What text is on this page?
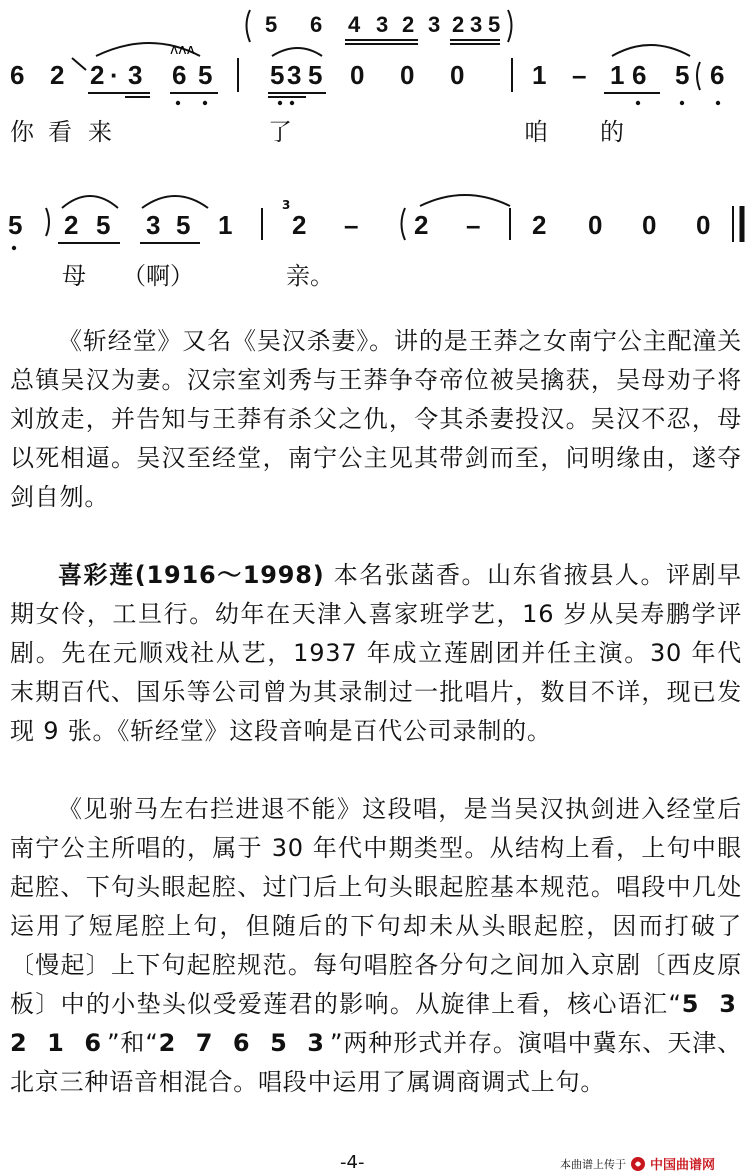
ʌʌʌ
5 6 4 3 2 3 2 3 5
6 2 2 · 3 6 5 5 3 5 0 0 0	1 – 1 6 5 6
你 看 来	了	咱 的
5 2 5 3 5 1
3
2 – 2 – 2 0 0 0
母 （啊）	亲。

《斩经堂》又名《吴汉杀妻》。讲的是王莽之女南宁公主配潼关总镇吴汉为妻。汉宗室刘秀与王莽争夺帝位被吴擒获，吴母劝子将刘放走，并告知与王莽有杀父之仇，令其杀妻投汉。吴汉不忍，母以死相逼。吴汉至经堂，南宁公主见其带剑而至，问明缘由，遂夺剑自刎。

喜彩莲(1916～1998) 本名张菡香。山东省掖县人。评剧早期女伶，工旦行。幼年在天津入喜家班学艺，16 岁从吴寿鹏学评剧。先在元顺戏社从艺，1937 年成立莲剧团并任主演。30 年代末期百代、国乐等公司曾为其录制过一批唱片，数目不详，现已发现 9 张。《斩经堂》这段音响是百代公司录制的。

《见驸马左右拦进退不能》这段唱，是当吴汉执剑进入经堂后南宁公主所唱的，属于 30 年代中期类型。从结构上看，上句中眼起腔、下句头眼起腔、过门后上句头眼起腔基本规范。唱段中几处运用了短尾腔上句，但随后的下句却未从头眼起腔，因而打破了〔慢起〕上下句起腔规范。每句唱腔各分句之间加入京剧〔西皮原板〕中的小垫头似受爱莲君的影响。从旋律上看，核心语汇“5 3 2 1 6”和“2 7 6 5 3”两种形式并存。演唱中冀东、天津、北京三种语音相混合。唱段中运用了属调商调式上句。

-4-	本曲谱上传于 中国曲谱网
